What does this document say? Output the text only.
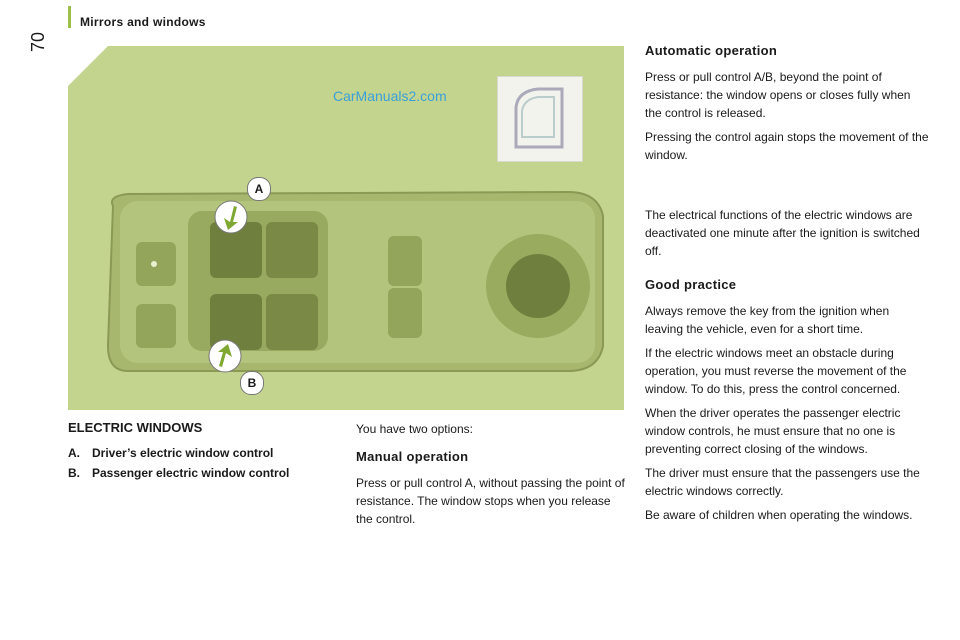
Mirrors and windows
70
CarManuals2.com
A
B
ELECTRIC WINDOWS
A. Driver’s electric window control
B. Passenger electric window control

You have two options:

Manual operation

Press or pull control A, without passing the point of resistance. The window stops when you release the control.

Automatic operation

Press or pull control A/B, beyond the point of resistance: the window opens or closes fully when the control is released.

Pressing the control again stops the movement of the window.

The electrical functions of the electric windows are deactivated one minute after the ignition is switched off.

Good practice

Always remove the key from the ignition when leaving the vehicle, even for a short time.

If the electric windows meet an obstacle during operation, you must reverse the movement of the window. To do this, press the control concerned.

When the driver operates the passenger electric window controls, he must ensure that no one is preventing correct closing of the windows.

The driver must ensure that the passengers use the electric windows correctly.

Be aware of children when operating the windows.
